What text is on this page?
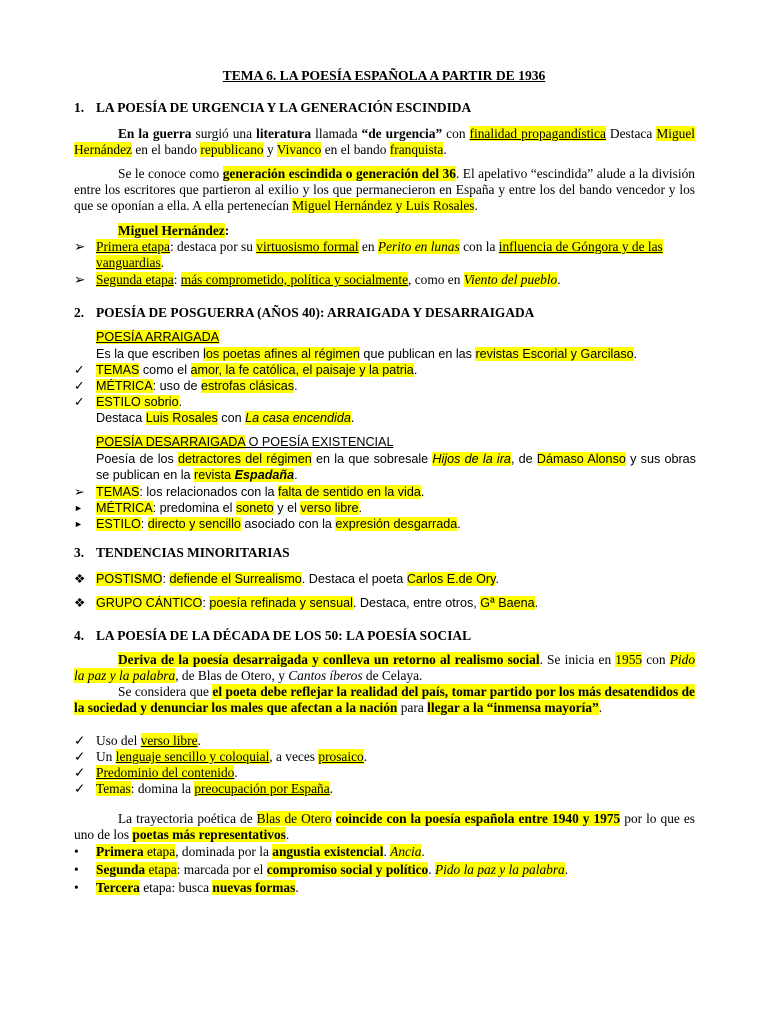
TEMA 6. LA POESÍA ESPAÑOLA A PARTIR DE 1936
1. LA POESÍA DE URGENCIA Y LA GENERACIÓN ESCINDIDA
En la guerra surgió una literatura llamada “de urgencia” con finalidad propagandística Destaca Miguel Hernández en el bando republicano y Vivanco en el bando franquista.
Se le conoce como generación escindida o generación del 36. El apelativo “escindida” alude a la división entre los escritores que partieron al exilio y los que permanecieron en España y entre los del bando vencedor y los que se oponían a ella. A ella pertenecían Miguel Hernández y Luis Rosales.
Miguel Hernández:
➢ Primera etapa: destaca por su virtuosismo formal en Perito en lunas con la influencia de Góngora y de las vanguardias.
➢ Segunda etapa: más comprometido, política y socialmente, como en Viento del pueblo.
2. POESÍA DE POSGUERRA (AÑOS 40): ARRAIGADA Y DESARRAIGADA
POESÍA ARRAIGADA
Es la que escriben los poetas afines al régimen que publican en las revistas Escorial y Garcilaso.
✓ TEMAS como el amor, la fe católica, el paisaje y la patria.
✓ MÉTRICA: uso de estrofas clásicas.
✓ ESTILO sobrio.
Destaca Luis Rosales con La casa encendida.
POESÍA DESARRAIGADA O POESÍA EXISTENCIAL
Poesía de los detractores del régimen en la que sobresale Hijos de la ira, de Dámaso Alonso y sus obras se publican en la revista Espadaña.
➢ TEMAS: los relacionados con la falta de sentido en la vida.
►	MÉTRICA: predomina el soneto y el verso libre.
►	ESTILO: directo y sencillo asociado con la expresión desgarrada.
3. TENDENCIAS MINORITARIAS
❖ POSTISMO: defiende el Surrealismo. Destaca el poeta Carlos E.de Ory.
❖ GRUPO CÁNTICO: poesía refinada y sensual. Destaca, entre otros, Gª Baena.
4. LA POESÍA DE LA DÉCADA DE LOS 50: LA POESÍA SOCIAL
Deriva de la poesía desarraigada y conlleva un retorno al realismo social. Se inicia en 1955 con Pido la paz y la palabra, de Blas de Otero, y Cantos íberos de Celaya.
Se considera que el poeta debe reflejar la realidad del país, tomar partido por los más desatendidos de la sociedad y denunciar los males que afectan a la nación para llegar a la “inmensa mayoría”.
✓ Uso del verso libre.
✓ Un lenguaje sencillo y coloquial, a veces prosaico.
✓ Predominio del contenido.
✓ Temas: domina la preocupación por España.
La trayectoria poética de Blas de Otero coincide con la poesía española entre 1940 y 1975 por lo que es uno de los poetas más representativos.
•	Primera etapa, dominada por la angustia existencial. Ancia.
•	Segunda etapa: marcada por el compromiso social y político. Pido la paz y la palabra.
•	Tercera etapa: busca nuevas formas.
